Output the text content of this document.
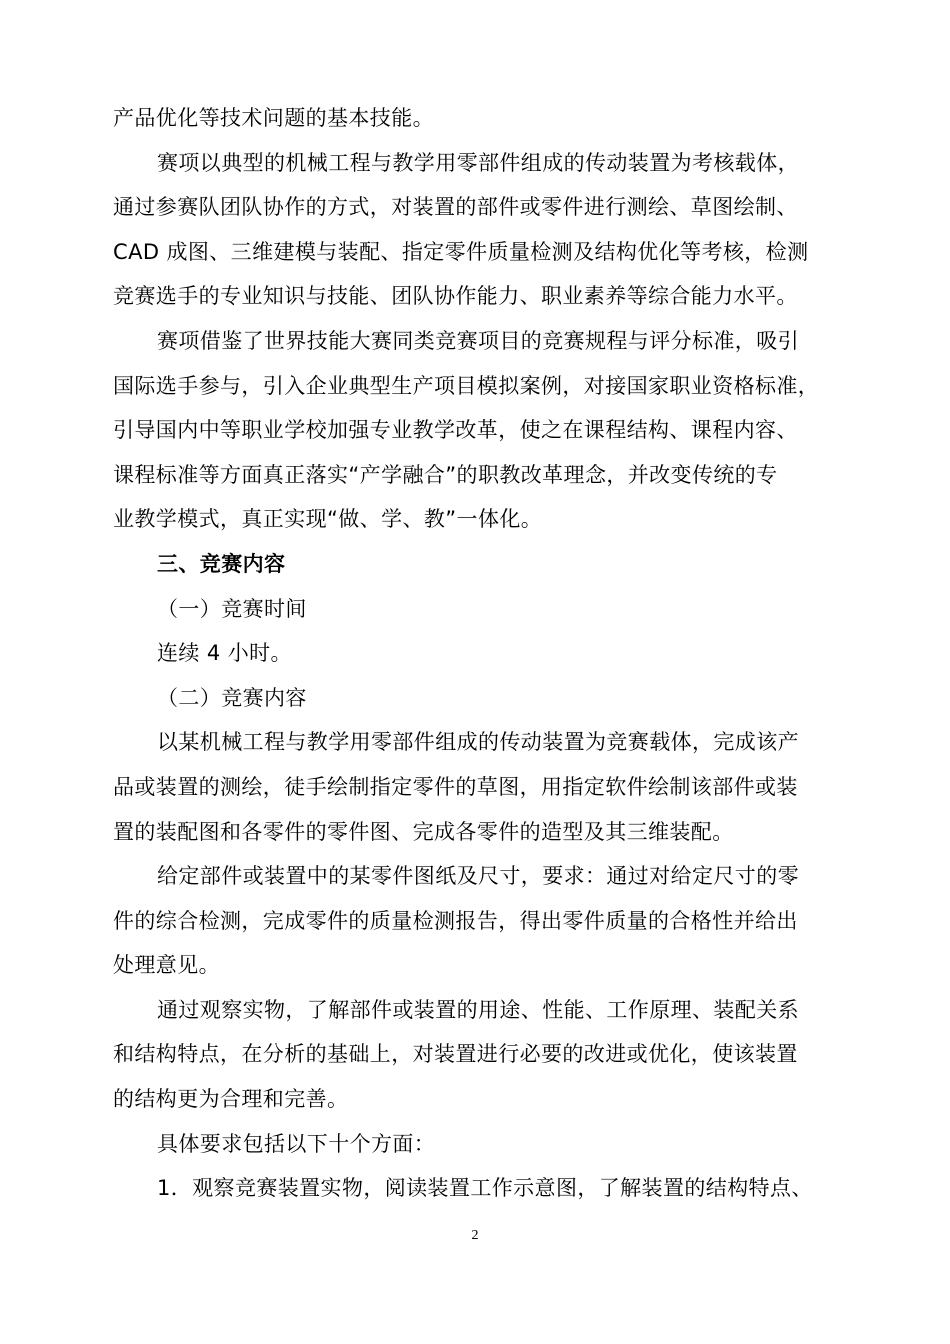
产品优化等技术问题的基本技能。
赛项以典型的机械工程与教学用零部件组成的传动装置为考核载体，
通过参赛队团队协作的方式，对装置的部件或零件进行测绘、草图绘制、
CAD 成图、三维建模与装配、指定零件质量检测及结构优化等考核，检测
竞赛选手的专业知识与技能、团队协作能力、职业素养等综合能力水平。
赛项借鉴了世界技能大赛同类竞赛项目的竞赛规程与评分标准，吸引
国际选手参与，引入企业典型生产项目模拟案例，对接国家职业资格标准，
引导国内中等职业学校加强专业教学改革，使之在课程结构、课程内容、
课程标准等方面真正落实“产学融合”的职教改革理念，并改变传统的专
业教学模式，真正实现“做、学、教”一体化。
三、竞赛内容
（一）竞赛时间
连续 4 小时。
（二）竞赛内容
以某机械工程与教学用零部件组成的传动装置为竞赛载体，完成该产
品或装置的测绘，徒手绘制指定零件的草图，用指定软件绘制该部件或装
置的装配图和各零件的零件图、完成各零件的造型及其三维装配。
给定部件或装置中的某零件图纸及尺寸，要求：通过对给定尺寸的零
件的综合检测，完成零件的质量检测报告，得出零件质量的合格性并给出
处理意见。
通过观察实物，了解部件或装置的用途、性能、工作原理、装配关系
和结构特点，在分析的基础上，对装置进行必要的改进或优化，使该装置
的结构更为合理和完善。
具体要求包括以下十个方面：
1．观察竞赛装置实物，阅读装置工作示意图，了解装置的结构特点、
2
